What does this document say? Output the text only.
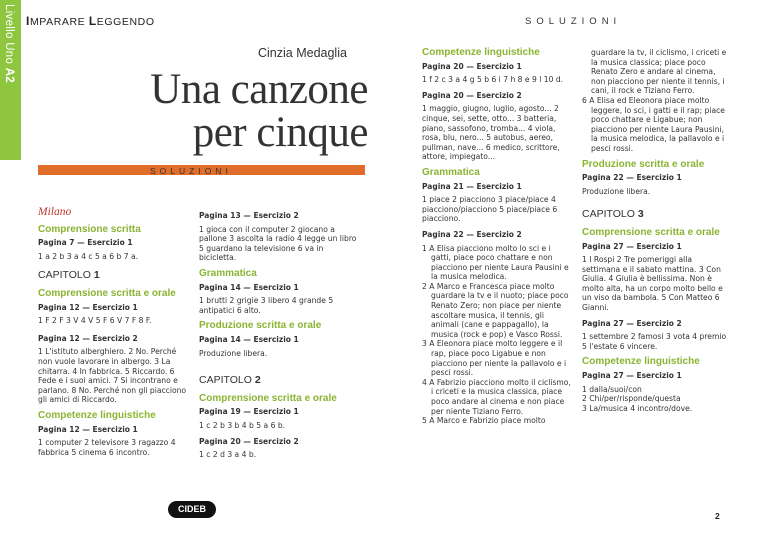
Livello Uno A2
IMPARARE LEGGENDO	SOLUZIONI
Cinzia Medaglia
Una canzone
per cinque
SOLUZIONI
Milano
Comprensione scritta
Pagina 7 — Esercizio 1
1 a 2 b 3 a 4 c 5 a 6 b 7 a.
CAPITOLO 1
Comprensione scritta e orale
Pagina 12 — Esercizio 1
1 F 2 F 3 V 4 V 5 F 6 V 7 F 8 F.
Pagina 12 — Esercizio 2
1 L'istituto alberghiero. 2 No. Perché non vuole lavorare in albergo. 3 La chitarra. 4 In fabbrica. 5 Riccardo. 6 Fede e i suoi amici. 7 Si incontrano e parlano. 8 No. Perché non gli piacciono gli amici di Riccardo.
Competenze linguistiche
Pagina 12 — Esercizio 1
1 computer 2 televisore 3 ragazzo 4 fabbrica 5 cinema 6 incontro.
Pagina 13 — Esercizio 2
1 gioca con il computer 2 giocano a pallone 3 ascolta la radio 4 legge un libro 5 guardano la televisione 6 va in bicicletta.
Grammatica
Pagina 14 — Esercizio 1
1 brutti 2 grigie 3 libero 4 grande 5 antipatici 6 alto.
Produzione scritta e orale
Pagina 14 — Esercizio 1
Produzione libera.
CAPITOLO 2
Comprensione scritta e orale
Pagina 19 — Esercizio 1
1 c 2 b 3 b 4 b 5 a 6 b.
Pagina 20 — Esercizio 2
1 c 2 d 3 a 4 b.
Competenze linguistiche
Pagina 20 — Esercizio 1
1 f 2 c 3 a 4 g 5 b 6 i 7 h 8 e 9 l 10 d.
Pagina 20 — Esercizio 2
1 maggio, giugno, luglio, agosto... 2 cinque, sei, sette, otto... 3 batteria, piano, sassofono, tromba... 4 viola, rosa, blu, nero... 5 autobus, aereo, pullman, nave... 6 medico, scrittore, attore, impiegato...
Grammatica
Pagina 21 — Esercizio 1
1 piace 2 piacciono 3 piace/piace 4 piacciono/piacciono 5 piace/piace 6 piacciono.
Pagina 22 — Esercizio 2
1 A Elisa piacciono molto lo sci e i gatti, piace poco chattare e non piacciono per niente Laura Pausini e la musica melodica.
2 A Marco e Francesca piace molto guardare la tv e il nuoto; piace poco Renato Zero; non piace per niente ascoltare musica, il tennis, gli animali (cane e pappagallo), la musica (rock e pop) e Vasco Rossi.
3 A Eleonora piace molto leggere e il rap, piace poco Ligabue e non piacciono per niente la pallavolo e i pesci rossi.
4 A Fabrizio piacciono molto il ciclismo, i criceti e la musica classica, piace poco andare al cinema e non piace per niente Tiziano Ferro.
5 A Marco e Fabrizio piace molto
guardare la tv, il ciclismo, i criceti e la musica classica; piace poco Renato Zero e andare al cinema, non piacciono per niente il tennis, i cani, il rock e Tiziano Ferro.
6 A Elisa ed Eleonora piace molto leggere, lo sci, i gatti e il rap; piace poco chattare e Ligabue; non piacciono per niente Laura Pausini, la musica melodica, la pallavolo e i pesci rossi.
Produzione scritta e orale
Pagina 22 — Esercizio 1
Produzione libera.
CAPITOLO 3
Comprensione scritta e orale
Pagina 27 — Esercizio 1
1 I Rospi 2 Tre pomeriggi alla settimana e il sabato mattina. 3 Con Giulia. 4 Giulia è bellissima. Non è molto alta, ha un corpo molto bello e un viso da bambola. 5 Con Matteo 6 Gianni.
Pagina 27 — Esercizio 2
1 settembre 2 famosi 3 vota 4 premio 5 l'estate 6 vincere.
Competenze linguistiche
Pagina 27 — Esercizio 1
1 dalla/suoi/con
2 Chi/per/risponde/questa
3 La/musica 4 incontro/dove.
CIDEB
2
